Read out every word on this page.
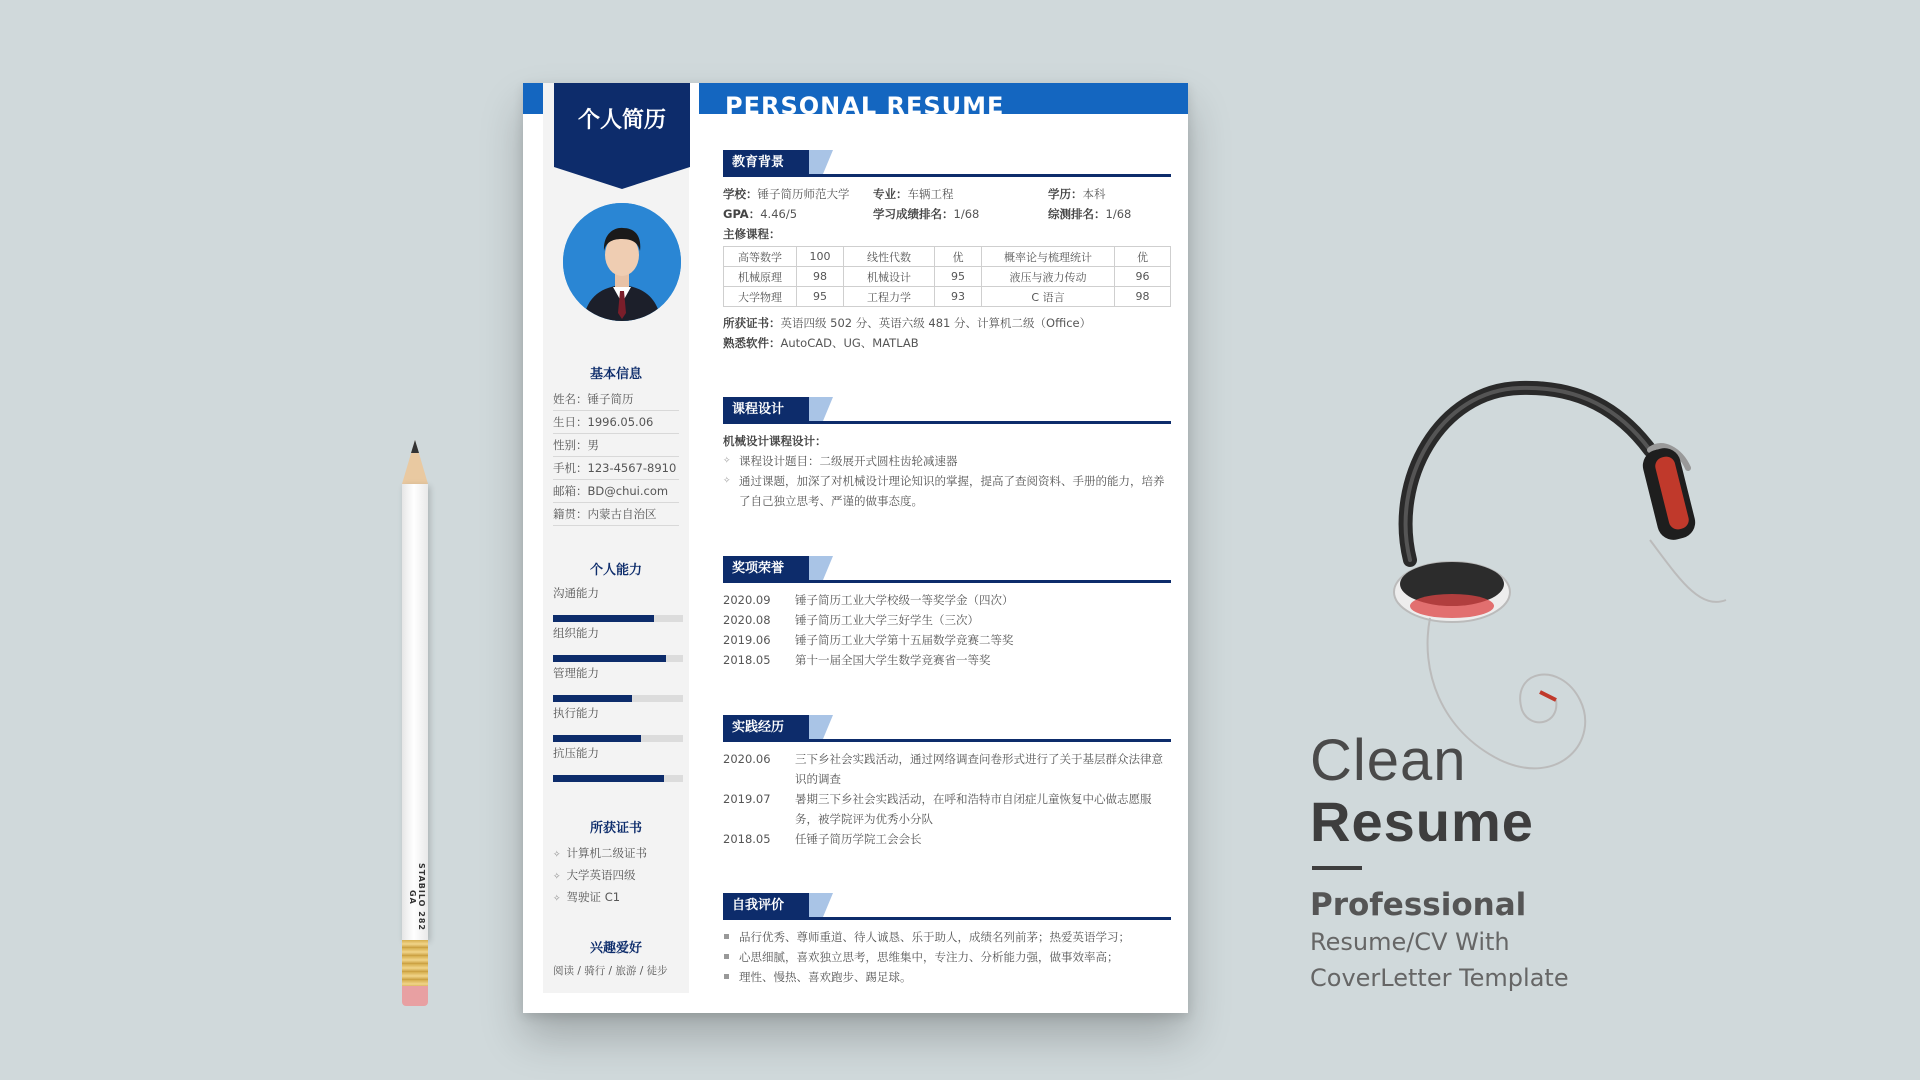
STABILO 282 GA
Clean
Resume
Professional
Resume/CV With
CoverLetter Template
PERSONAL RESUME
个人简历
基本信息
姓名：锤子简历
生日：1996.05.06
性别：男
手机：123-4567-8910
邮箱：BD@chui.com
籍贯：内蒙古自治区
个人能力
沟通能力
组织能力
管理能力
执行能力
抗压能力
所获证书
✧ 计算机二级证书
✧ 大学英语四级
✧ 驾驶证 C1
兴趣爱好
阅读 / 骑行 / 旅游 / 徒步
教育背景
学校：锤子简历师范大学 专业：车辆工程	学历：本科
GPA：4.46/5	学习成绩排名：1/68	综测排名：1/68
主修课程：
高等数学	100	线性代数	优	概率论与梳理统计	优
机械原理	98	机械设计	95	液压与液力传动	96
大学物理	95	工程力学	93	C 语言	98
所获证书：英语四级 502 分、英语六级 481 分、计算机二级（Office）
熟悉软件：AutoCAD、UG、MATLAB
课程设计
机械设计课程设计：
✧ 课程设计题目：二级展开式圆柱齿轮减速器
✧ 通过课题，加深了对机械设计理论知识的掌握，提高了查阅资料、手册的能力，培养了自己独立思考、严谨的做事态度。
奖项荣誉
2020.09	锤子简历工业大学校级一等奖学金（四次）
2020.08	锤子简历工业大学三好学生（三次）
2019.06	锤子简历工业大学第十五届数学竞赛二等奖
2018.05	第十一届全国大学生数学竞赛省一等奖
实践经历
2020.06	三下乡社会实践活动，通过网络调查问卷形式进行了关于基层群众法律意识的调查
2019.07	暑期三下乡社会实践活动，在呼和浩特市自闭症儿童恢复中心做志愿服务，被学院评为优秀小分队
2018.05	任锤子简历学院工会会长
自我评价
品行优秀、尊师重道、待人诚恳、乐于助人，成绩名列前茅；热爱英语学习；
心思细腻，喜欢独立思考，思维集中，专注力、分析能力强，做事效率高；
理性、慢热、喜欢跑步、踢足球。
